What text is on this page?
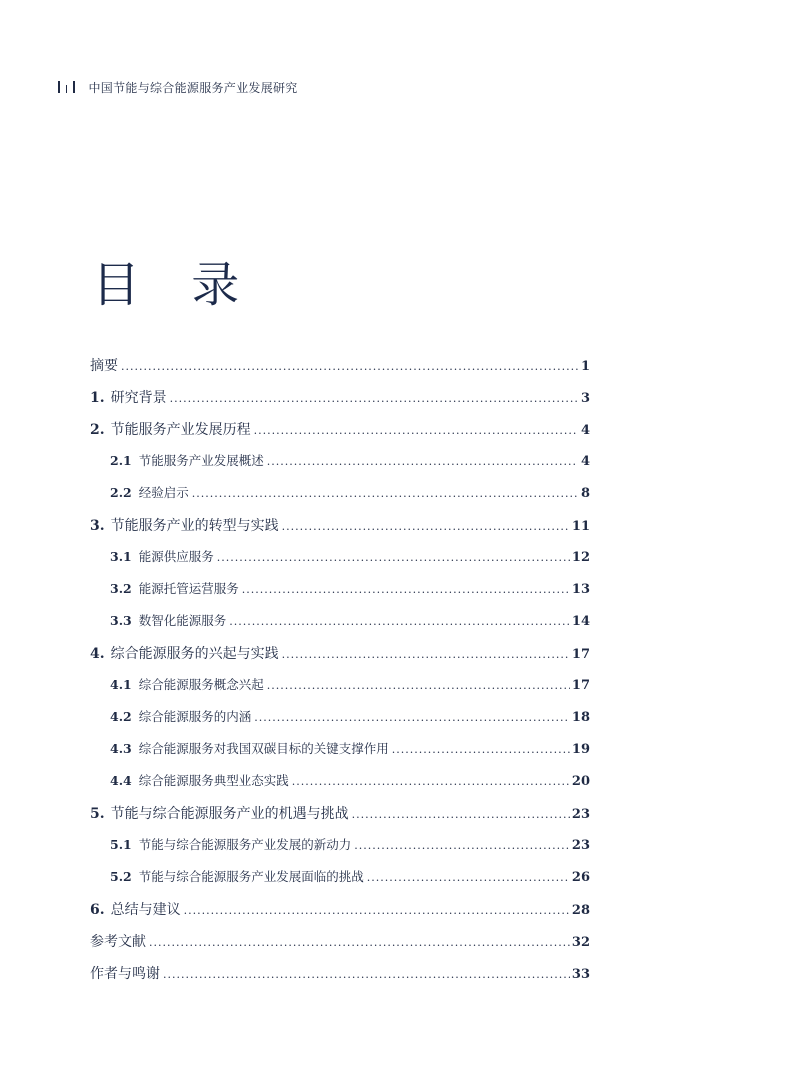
中国节能与综合能源服务产业发展研究
目 录
摘要 .....	1
1. 研究背景 .....	3
2. 节能服务产业发展历程 .....	4
2.1 节能服务产业发展概述 .....	4
2.2 经验启示 .....	8
3. 节能服务产业的转型与实践 .....	11
3.1 能源供应服务 .....	12
3.2 能源托管运营服务 .....	13
3.3 数智化能源服务 .....	14
4. 综合能源服务的兴起与实践 .....	17
4.1 综合能源服务概念兴起 .....	17
4.2 综合能源服务的内涵 .....	18
4.3 综合能源服务对我国双碳目标的关键支撑作用 .....	19
4.4 综合能源服务典型业态实践 .....	20
5. 节能与综合能源服务产业的机遇与挑战 .....	23
5.1 节能与综合能源服务产业发展的新动力 .....	23
5.2 节能与综合能源服务产业发展面临的挑战 .....	26
6. 总结与建议 .....	28
参考文献 .....	32
作者与鸣谢 .....	33
